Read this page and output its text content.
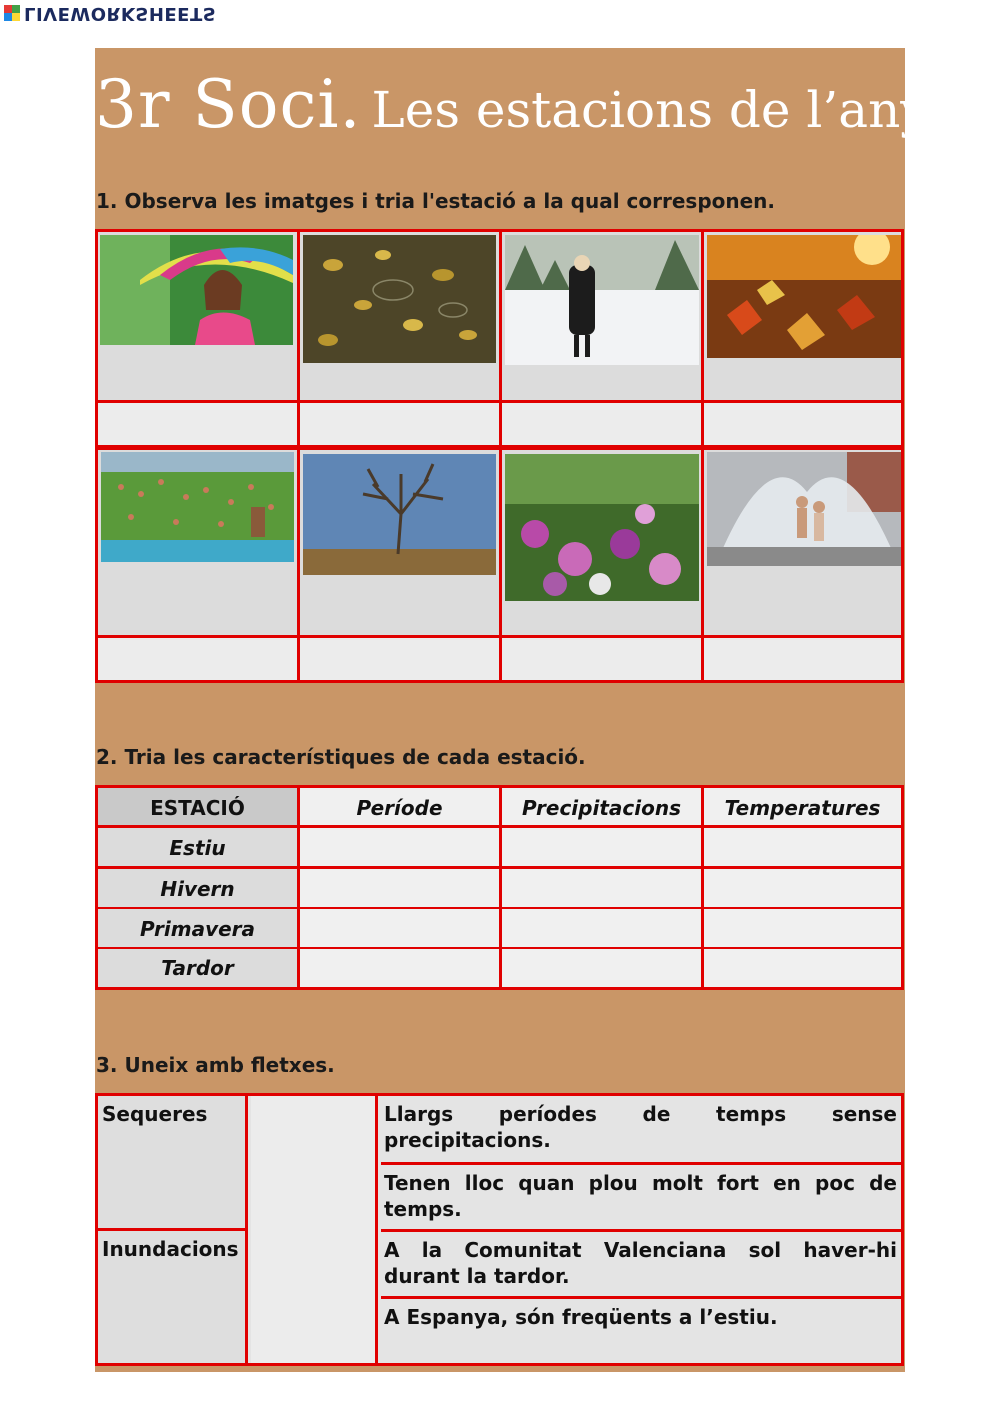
LIVEWORKSHEETS
3r Soci. Les estacions de l’any
1. Observa les imatges i tria l'estació a la qual corresponen.
2. Tria les característiques de cada estació.
ESTACIÓ	Període	Precipitacions	Temperatures
Estiu
Hivern
Primavera
Tardor
3. Uneix amb fletxes.
Sequeres
Inundacions
Llargs períodes de temps sense precipitacions.
Tenen lloc quan plou molt fort en poc de temps.
A la Comunitat Valenciana sol haver-hi durant la tardor.
A Espanya, són freqüents a l’estiu.
